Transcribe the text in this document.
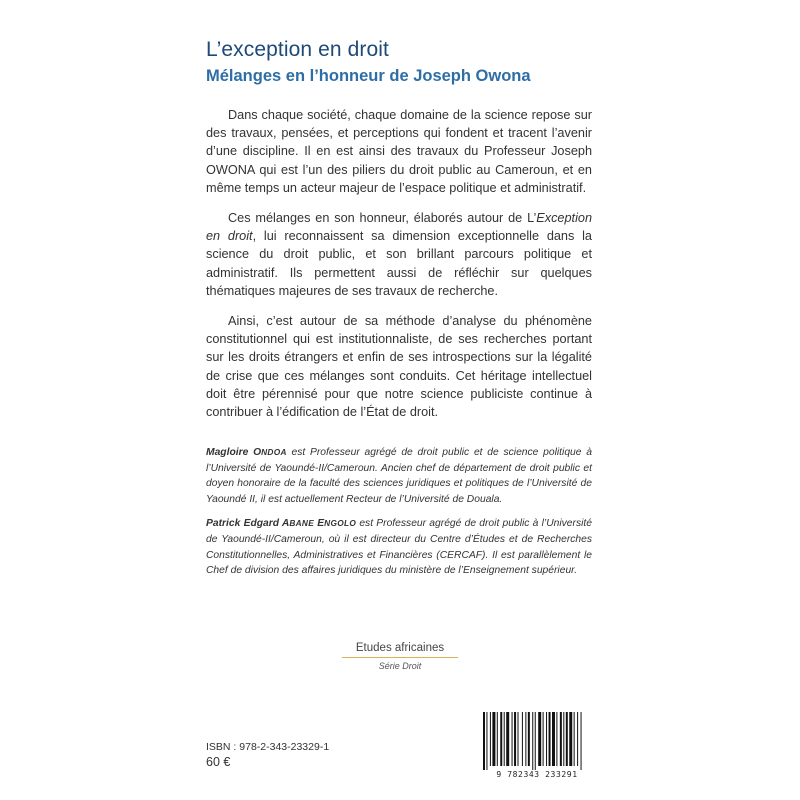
L’exception en droit
Mélanges en l’honneur de Joseph Owona

Dans chaque société, chaque domaine de la science repose sur des travaux, pensées, et perceptions qui fondent et tracent l’avenir d’une discipline. Il en est ainsi des travaux du Professeur Joseph OWONA qui est l’un des piliers du droit public au Cameroun, et en même temps un acteur majeur de l’espace politique et administratif.

Ces mélanges en son honneur, élaborés autour de L’Exception en droit, lui reconnaissent sa dimension exceptionnelle dans la science du droit public, et son brillant parcours politique et administratif. Ils permettent aussi de réfléchir sur quelques thématiques majeures de ses travaux de recherche.

Ainsi, c’est autour de sa méthode d’analyse du phénomène constitutionnel qui est institutionnaliste, de ses recherches portant sur les droits étrangers et enfin de ses introspections sur la légalité de crise que ces mélanges sont conduits. Cet héritage intellectuel doit être pérennisé pour que notre science publiciste continue à contribuer à l’édification de l’État de droit.

Magloire ONDOA est Professeur agrégé de droit public et de science politique à l’Université de Yaoundé-II/Cameroun. Ancien chef de département de droit public et doyen honoraire de la faculté des sciences juridiques et politiques de l’Université de Yaoundé II, il est actuellement Recteur de l’Université de Douala.

Patrick Edgard ABANE ENGOLO est Professeur agrégé de droit public à l’Université de Yaoundé-II/Cameroun, où il est directeur du Centre d’Études et de Recherches Constitutionnelles, Administratives et Financières (CERCAF). Il est parallèlement le Chef de division des affaires juridiques du ministère de l’Enseignement supérieur.

Etudes africaines
Série Droit
ISBN : 978-2-343-23329-1
60 €
9 782343 233291
